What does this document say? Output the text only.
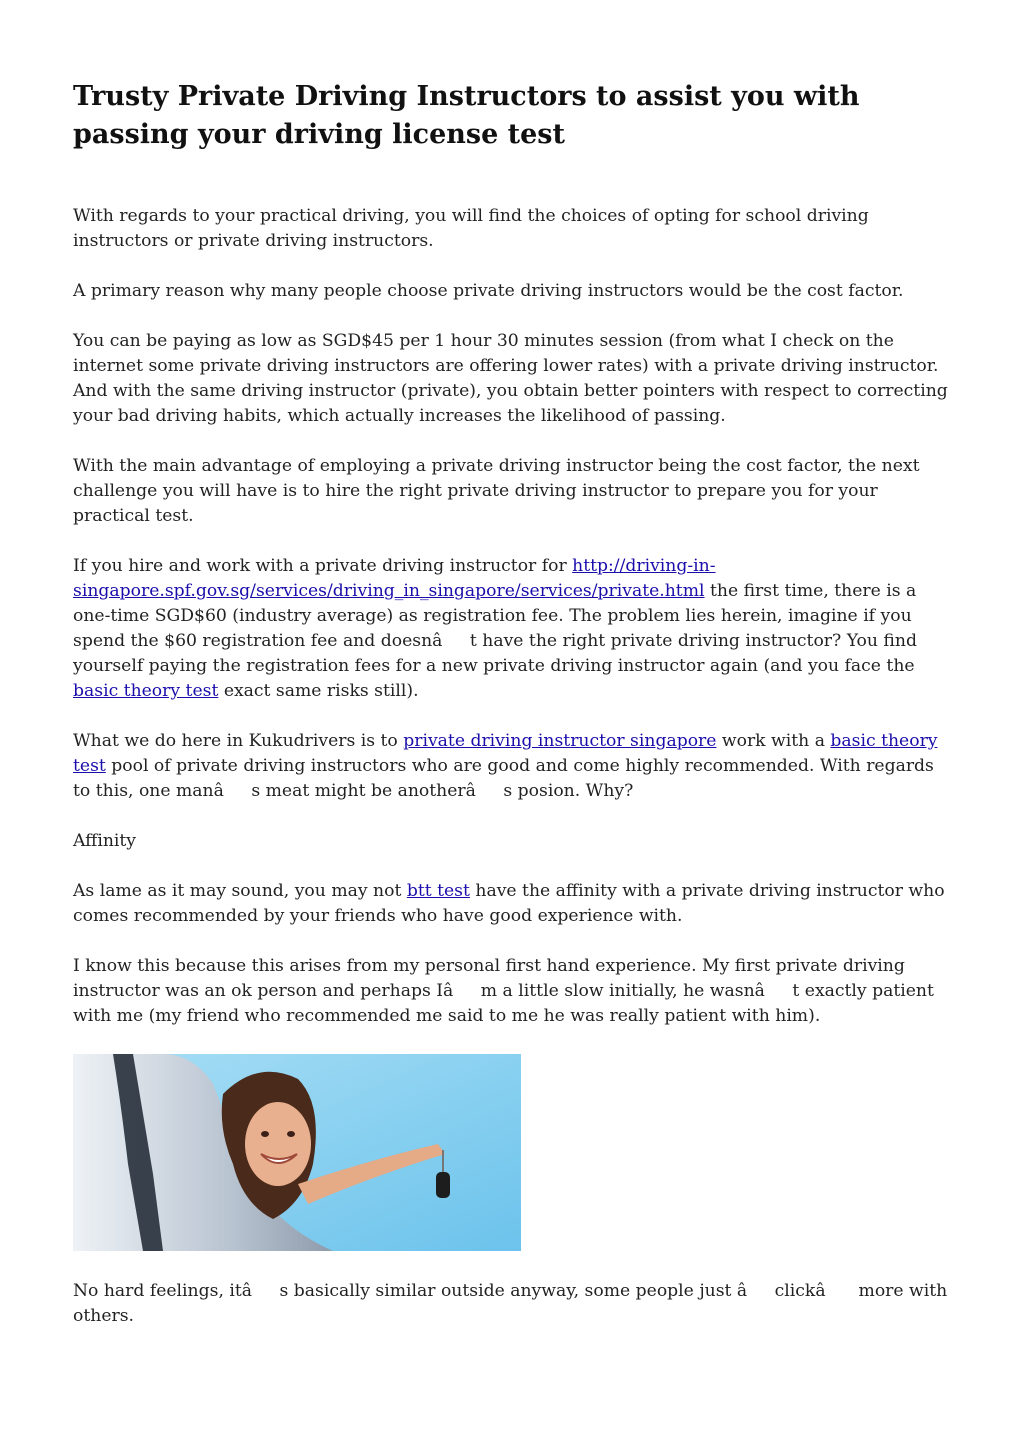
Trusty Private Driving Instructors to assist you with passing your driving license test

With regards to your practical driving, you will find the choices of opting for school driving instructors or private driving instructors.

A primary reason why many people choose private driving instructors would be the cost factor.

You can be paying as low as SGD$45 per 1 hour 30 minutes session (from what I check on the internet some private driving instructors are offering lower rates) with a private driving instructor. And with the same driving instructor (private), you obtain better pointers with respect to correcting your bad driving habits, which actually increases the likelihood of passing.

With the main advantage of employing a private driving instructor being the cost factor, the next challenge you will have is to hire the right private driving instructor to prepare you for your practical test.

If you hire and work with a private driving instructor for http://driving-in-singapore.spf.gov.sg/services/driving_in_singapore/services/private.html the first time, there is a one-time SGD$60 (industry average) as registration fee. The problem lies herein, imagine if you spend the $60 registration fee and doesnât have the right private driving instructor? You find yourself paying the registration fees for a new private driving instructor again (and you face the basic theory test exact same risks still).

What we do here in Kukudrivers is to private driving instructor singapore work with a basic theory test pool of private driving instructors who are good and come highly recommended. With regards to this, one manâs meat might be anotherâs posion. Why?

Affinity

As lame as it may sound, you may not btt test have the affinity with a private driving instructor who comes recommended by your friends who have good experience with.

I know this because this arises from my personal first hand experience. My first private driving instructor was an ok person and perhaps Iâm a little slow initially, he wasnât exactly patient with me (my friend who recommended me said to me he was really patient with him).

No hard feelings, itâs basically similar outside anyway, some people just âclickâ more with others.
